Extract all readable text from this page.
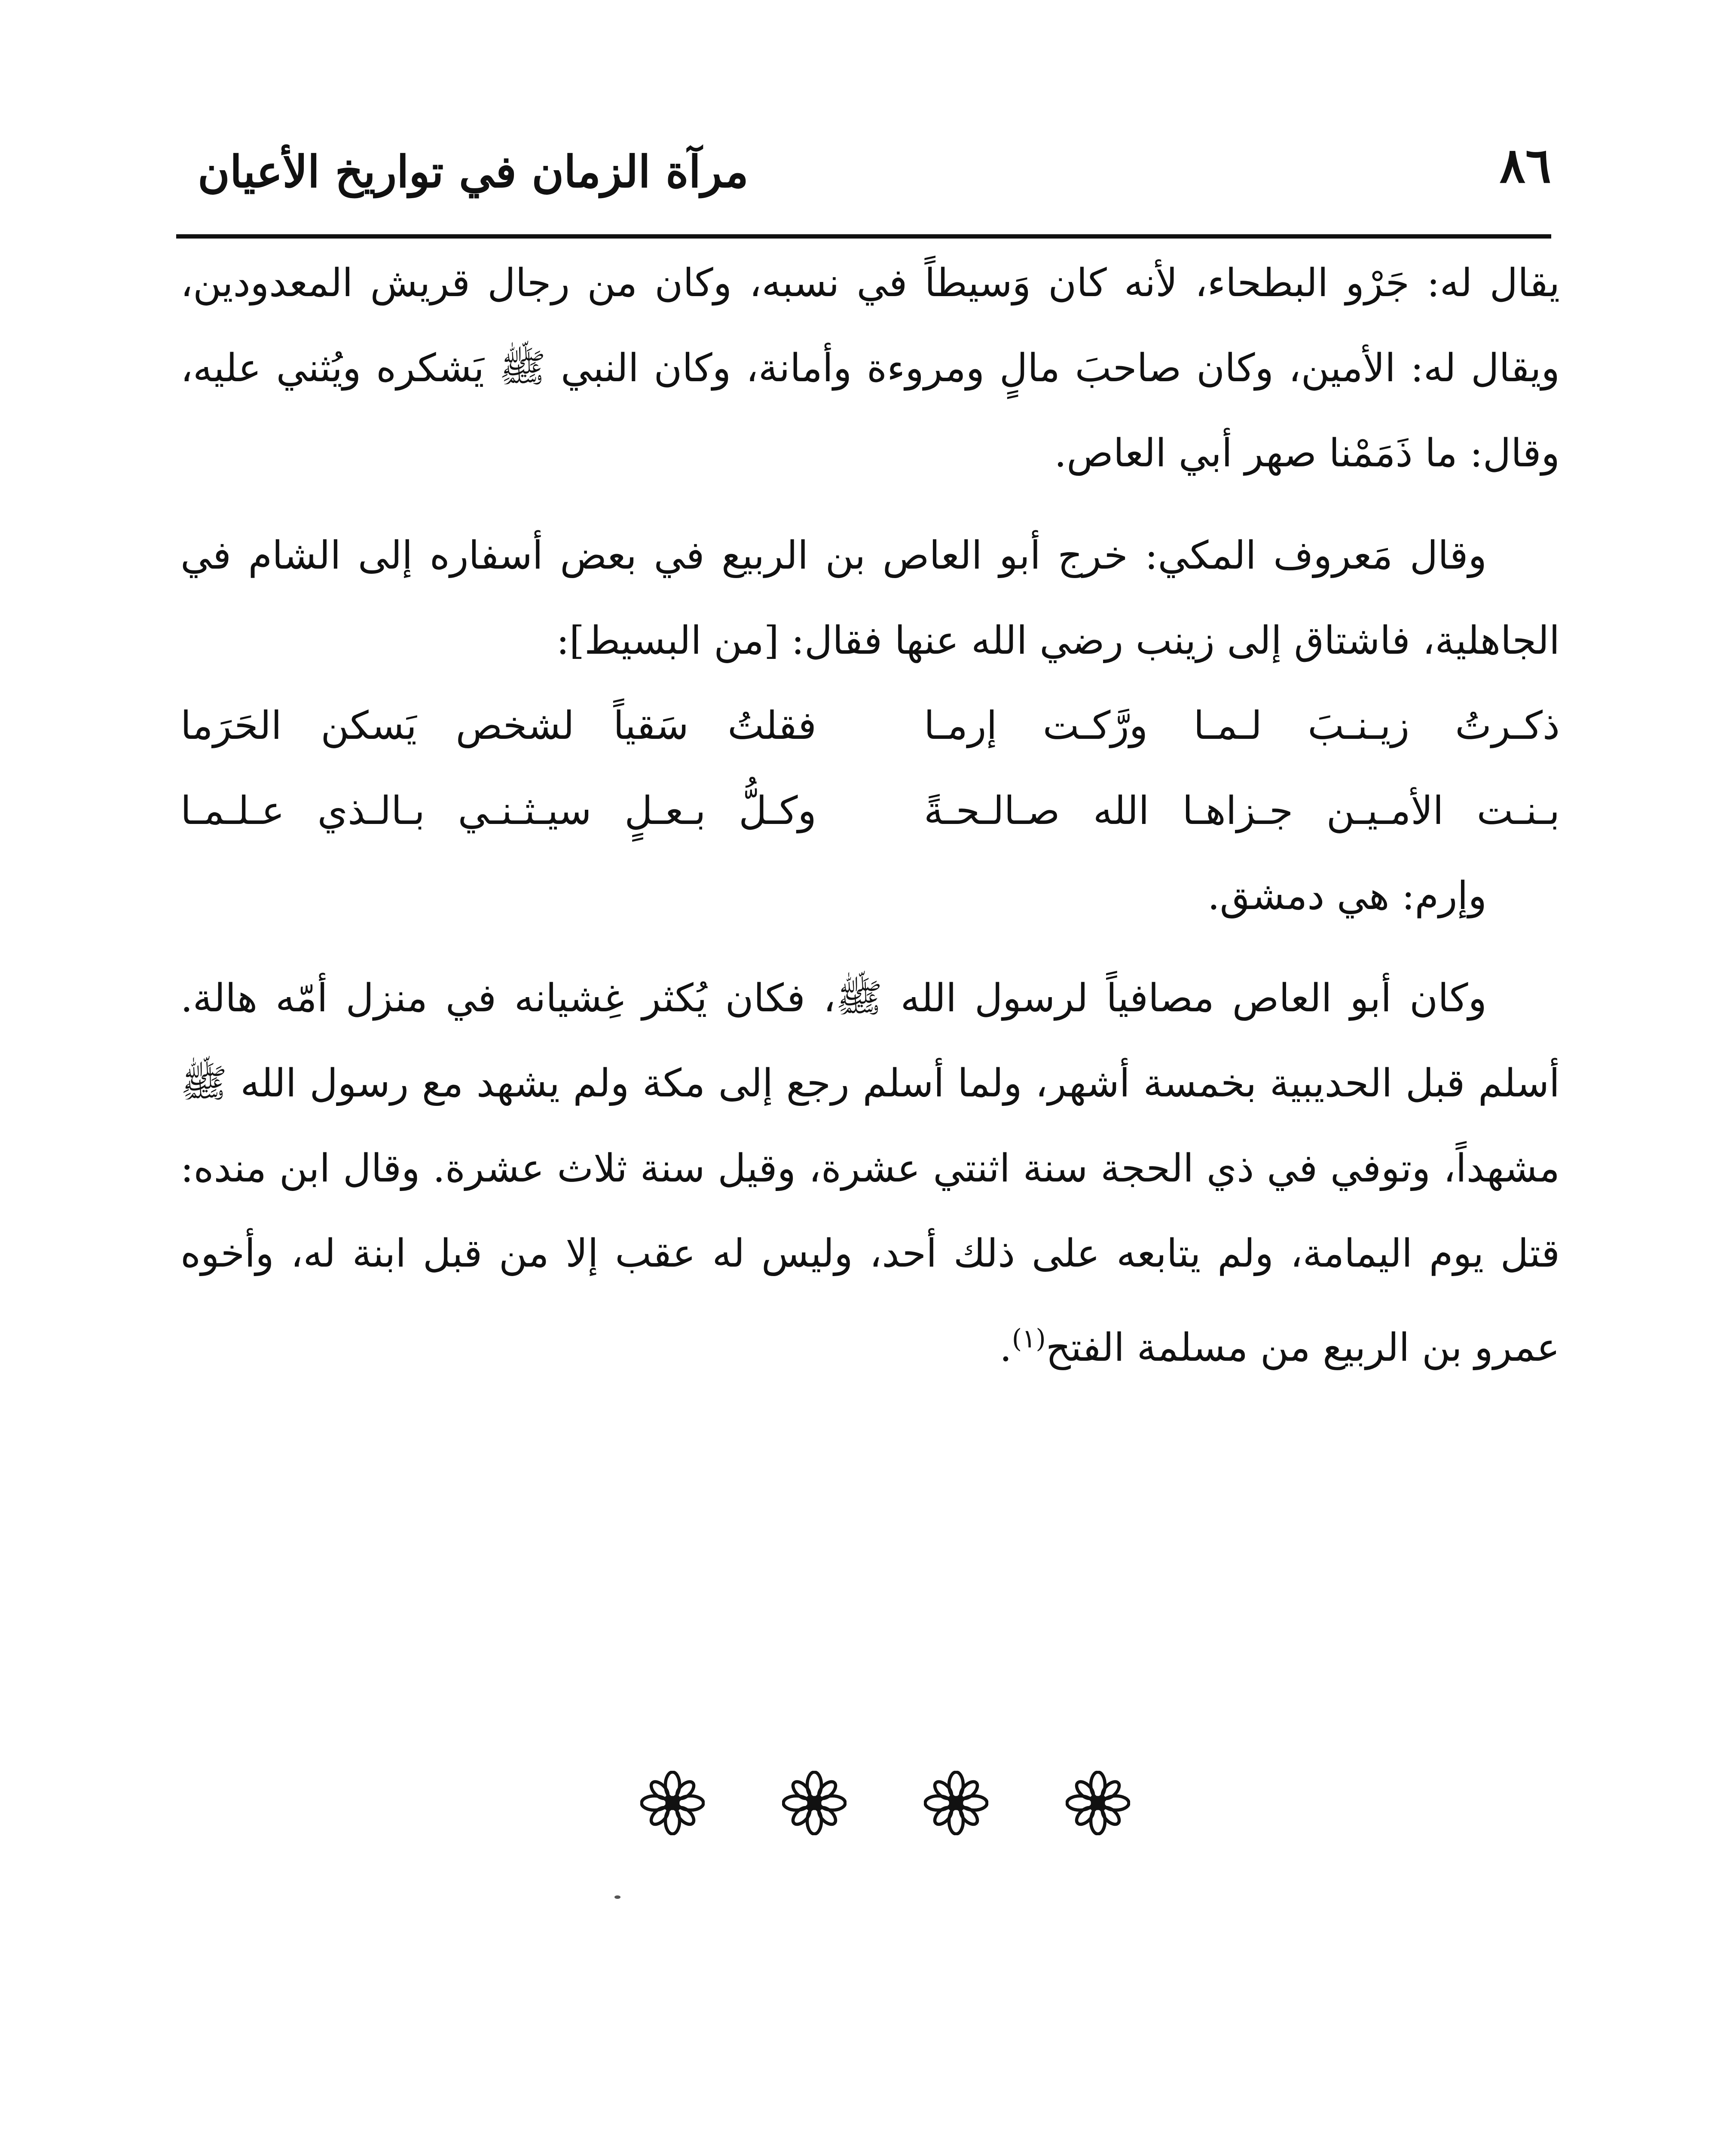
٨٦
مرآة الزمان في تواريخ الأعيان

يقال له: جَرْو البطحاء، لأنه كان وَسيطاً في نسبه، وكان من رجال قريش المعدودين، ويقال له: الأمين، وكان صاحبَ مالٍ ومروءة وأمانة، وكان النبي ﷺ يَشكره ويُثني عليه، وقال: ما ذَمَمْنا صهر أبي العاص.

وقال مَعروف المكي: خرج أبو العاص بن الربيع في بعض أسفاره إلى الشام في الجاهلية، فاشتاق إلى زينب رضي الله عنها فقال: [من البسيط]:

ذكـرتُ زيـنـبَ لـمـا ورَّكـت إرمـا
فقلتُ سَقياً لشخص يَسكن الحَرَما
بـنـت الأمـيـن جـزاهـا الله صـالـحـةً
وكـلُّ بـعـلٍ سيـثـنـي بـالـذي عـلـمـا
وإرم: هي دمشق.

وكان أبو العاص مصافياً لرسول الله ﷺ، فكان يُكثر غِشيانه في منزل أمّه هالة. أسلم قبل الحديبية بخمسة أشهر، ولما أسلم رجع إلى مكة ولم يشهد مع رسول الله ﷺ مشهداً، وتوفي في ذي الحجة سنة اثنتي عشرة، وقيل سنة ثلاث عشرة. وقال ابن منده: قتل يوم اليمامة، ولم يتابعه على ذلك أحد، وليس له عقب إلا من قبل ابنة له، وأخوه عمرو بن الربيع من مسلمة الفتح$^{(١)}$.
